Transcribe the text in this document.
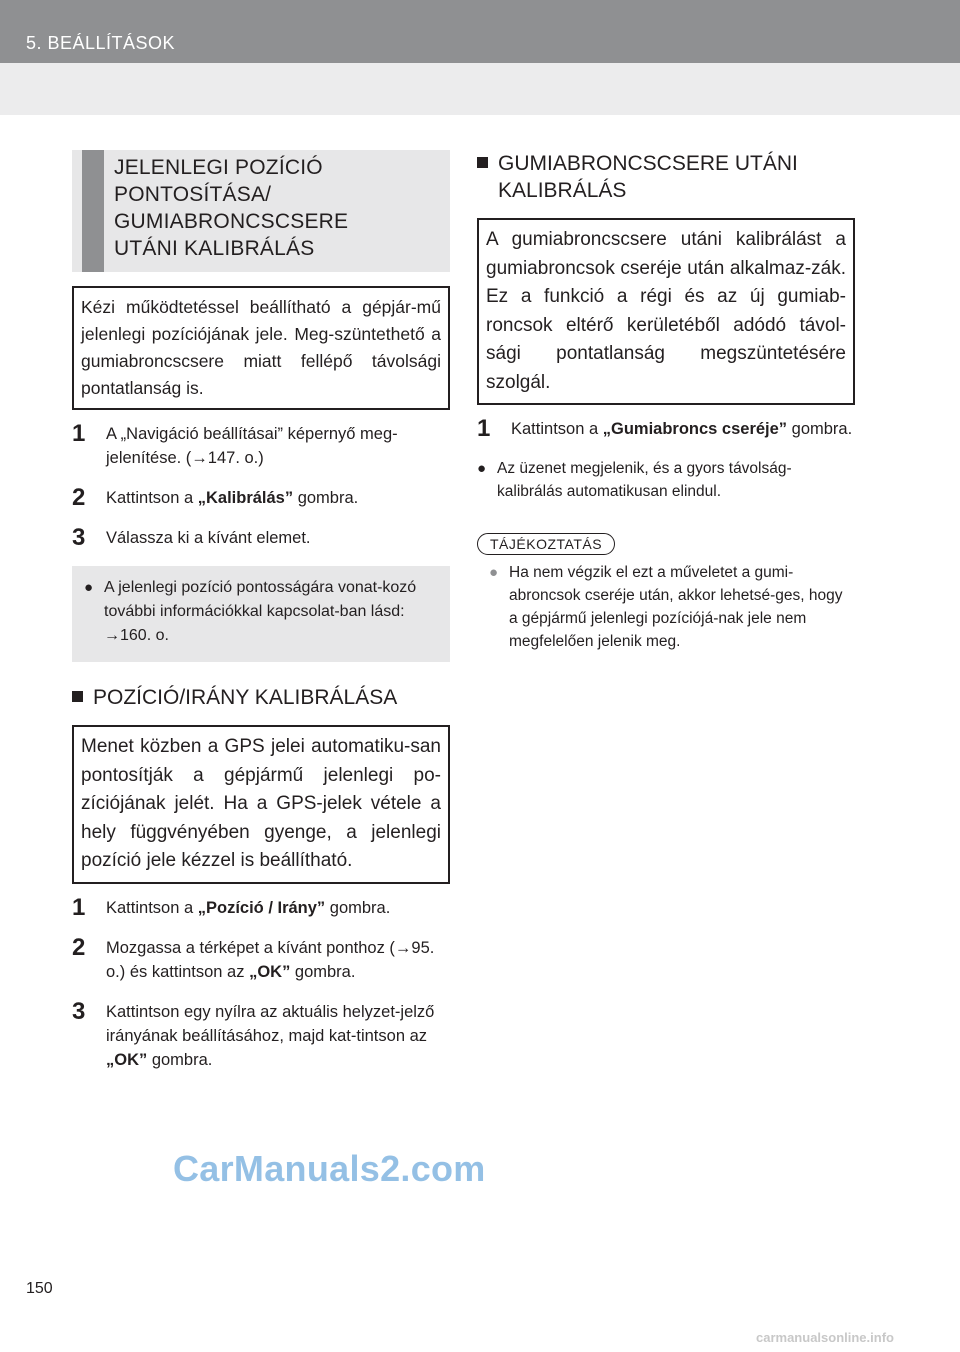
5. BEÁLLÍTÁSOK
JELENLEGI POZÍCIÓ
PONTOSÍTÁSA/
GUMIABRONCSCSERE
UTÁNI KALIBRÁLÁS
Kézi működtetéssel beállítható a gépjár-mű jelenlegi pozíciójának jele. Meg-szüntethető a gumiabroncscsere miatt fellépő távolsági pontatlanság is.
1	A „Navigáció beállításai” képernyő meg-jelenítése. (→147. o.)
2	Kattintson a „Kalibrálás” gombra.
3	Válassza ki a kívánt elemet.
● A jelenlegi pozíció pontosságára vonat-kozó további információkkal kapcsolat-ban lásd: →160. o.
POZÍCIÓ/IRÁNY KALIBRÁLÁSA
Menet közben a GPS jelei automatiku-san pontosítják a gépjármű jelenlegi po-zíciójának jelét. Ha a GPS-jelek vétele a hely függvényében gyenge, a jelenlegi pozíció jele kézzel is beállítható.
1	Kattintson a „Pozíció / Irány” gombra.
2	Mozgassa a térképet a kívánt ponthoz (→95. o.) és kattintson az „OK” gombra.
3	Kattintson egy nyílra az aktuális helyzet-jelző irányának beállításához, majd kat-tintson az „OK” gombra.
GUMIABRONCSCSERE UTÁNI
KALIBRÁLÁS
A gumiabroncscsere utáni kalibrálást a gumiabroncsok cseréje után alkalmaz-zák. Ez a funkció a régi és az új gumiab-roncsok eltérő kerületéből adódó távol-sági pontatlanság megszüntetésére szolgál.
1	Kattintson a „Gumiabroncs cseréje” gombra.
● Az üzenet megjelenik, és a gyors távolság-kalibrálás automatikusan elindul.
TÁJÉKOZTATÁS
● Ha nem végzik el ezt a műveletet a gumi-abroncsok cseréje után, akkor lehetsé-ges, hogy a gépjármű jelenlegi pozíciójá-nak jele nem megfelelően jelenik meg.

CarManuals2.com

150

carmanualsonline.info
